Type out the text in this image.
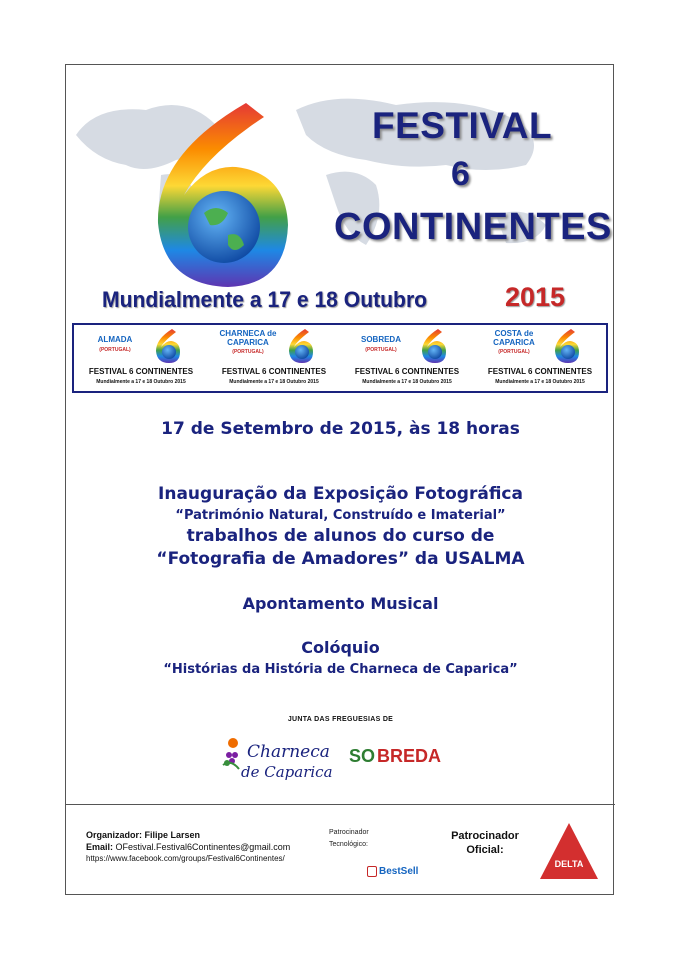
FESTIVAL
6
CONTINENTES
Mundialmente a 17 e 18 Outubro	2015
ALMADA
(PORTUGAL)
FESTIVAL 6 CONTINENTES
Mundialmente a 17 e 18 Outubro 2015
CHARNECA de CAPARICA
(PORTUGAL)
FESTIVAL 6 CONTINENTES
Mundialmente a 17 e 18 Outubro 2015
SOBREDA
(PORTUGAL)
FESTIVAL 6 CONTINENTES
Mundialmente a 17 e 18 Outubro 2015
COSTA de CAPARICA
(PORTUGAL)
FESTIVAL 6 CONTINENTES
Mundialmente a 17 e 18 Outubro 2015
17 de Setembro de 2015, às 18 horas
Inauguração da Exposição Fotográfica
“Património Natural, Construído e Imaterial”
trabalhos de alunos do curso de
“Fotografia de Amadores” da USALMA
Apontamento Musical
Colóquio
“Histórias da História de Charneca de Caparica”
JUNTA DAS FREGUESIAS DE
Charneca
de Caparica
SO BREDA
Organizador: Filipe Larsen
Email: OFestival.Festival6Continentes@gmail.com
https://www.facebook.com/groups/Festival6Continentes/
Patrocinador
Tecnológico:
BestSell
Patrocinador
Oficial:
DELTA
